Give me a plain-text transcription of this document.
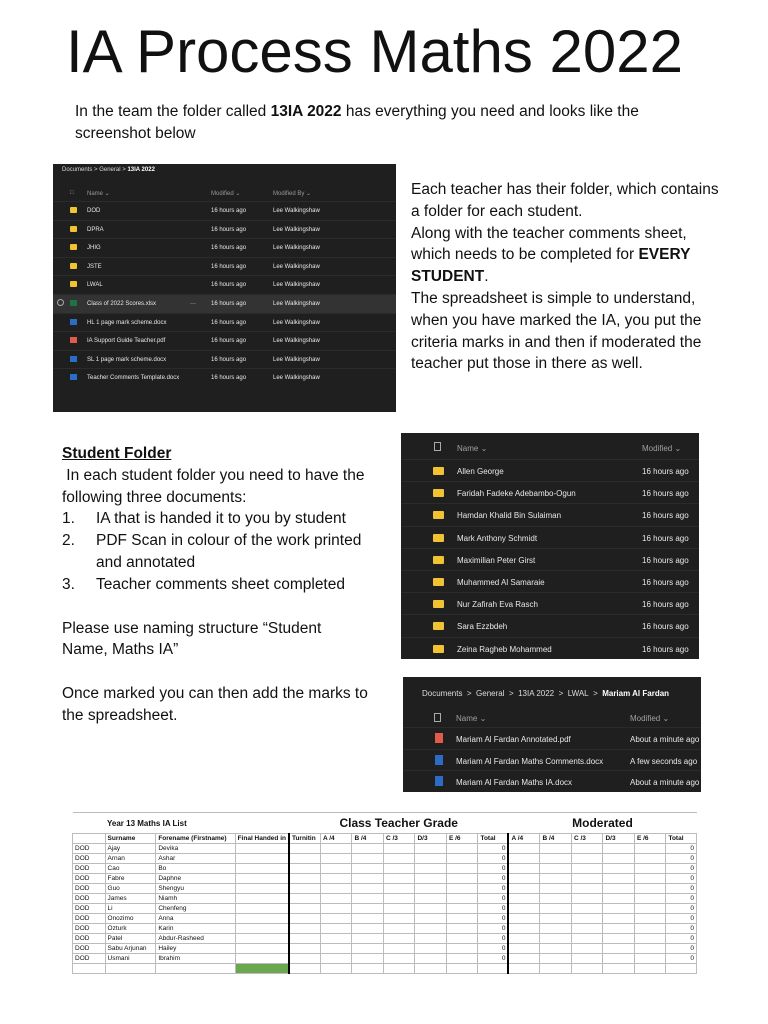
IA Process Maths 2022
In the team the folder called 13IA 2022 has everything you need and looks like the screenshot below
Documents > General > 13IA 2022
□ Name ⌄	Modified ⌄	Modified By ⌄
DOD	16 hours ago	Lee Walkingshaw
DPRA	16 hours ago	Lee Walkingshaw
JHIG	16 hours ago	Lee Walkingshaw
JSTE	16 hours ago	Lee Walkingshaw
LWAL	16 hours ago	Lee Walkingshaw
Class of 2022 Scores.xlsx	···	16 hours ago	Lee Walkingshaw
HL 1 page mark scheme.docx	16 hours ago	Lee Walkingshaw
IA Support Guide Teacher.pdf	16 hours ago	Lee Walkingshaw
SL 1 page mark scheme.docx	16 hours ago	Lee Walkingshaw
Teacher Comments Template.docx	16 hours ago	Lee Walkingshaw
Each teacher has their folder, which contains
a folder for each student.
Along with the teacher comments sheet,
which needs to be completed for EVERY
STUDENT.
The spreadsheet is simple to understand,
when you have marked the IA, you put the
criteria marks in and then if moderated the
teacher put those in there as well.
Student Folder
In each student folder you need to have the
following three documents:
1. IA that is handed it to you by student
2. PDF Scan in colour of the work printed
and annotated
3. Teacher comments sheet completed
Please use naming structure “Student
Name, Maths IA”
Once marked you can then add the marks to
the spreadsheet.
Name ⌄	Modified ⌄
Allen George	16 hours ago
Faridah Fadeke Adebambo-Ogun	16 hours ago
Hamdan Khalid Bin Sulaiman	16 hours ago
Mark Anthony Schmidt	16 hours ago
Maximilian Peter Girst	16 hours ago
Muhammed Al Samaraie	16 hours ago
Nur Zafirah Eva Rasch	16 hours ago
Sara Ezzbdeh	16 hours ago
Zeina Ragheb Mohammed	16 hours ago
Documents > General > 13IA 2022 > LWAL > Mariam Al Fardan
Name ⌄	Modified ⌄
Mariam Al Fardan Annotated.pdf	About a minute ago
Mariam Al Fardan Maths Comments.docx	A few seconds ago
Mariam Al Fardan Maths IA.docx	About a minute ago
	Year 13 Maths IA List			Class Teacher Grade							Moderated					
	Surname	Forename (Firstname)	Final Handed in	Turnitin	A /4	B /4	C /3	D/3	E /6	Total	A /4	B /4	C /3	D/3	E /6	Total
DOD	Ajay	Devika								0						0
DOD	Arnan	Ashar								0						0
DOD	Cao	Bo								0						0
DOD	Fabre	Daphne								0						0
DOD	Guo	Shengyu								0						0
DOD	James	Niamh								0						0
DOD	Li	Chenfeng								0						0
DOD	Onozimo	Anna								0						0
DOD	Ozturk	Karin								0						0
DOD	Patel	Abdur-Rasheed								0						0
DOD	Sabu Arjunan	Hailey								0						0
DOD	Usmani	Ibrahim								0						0
